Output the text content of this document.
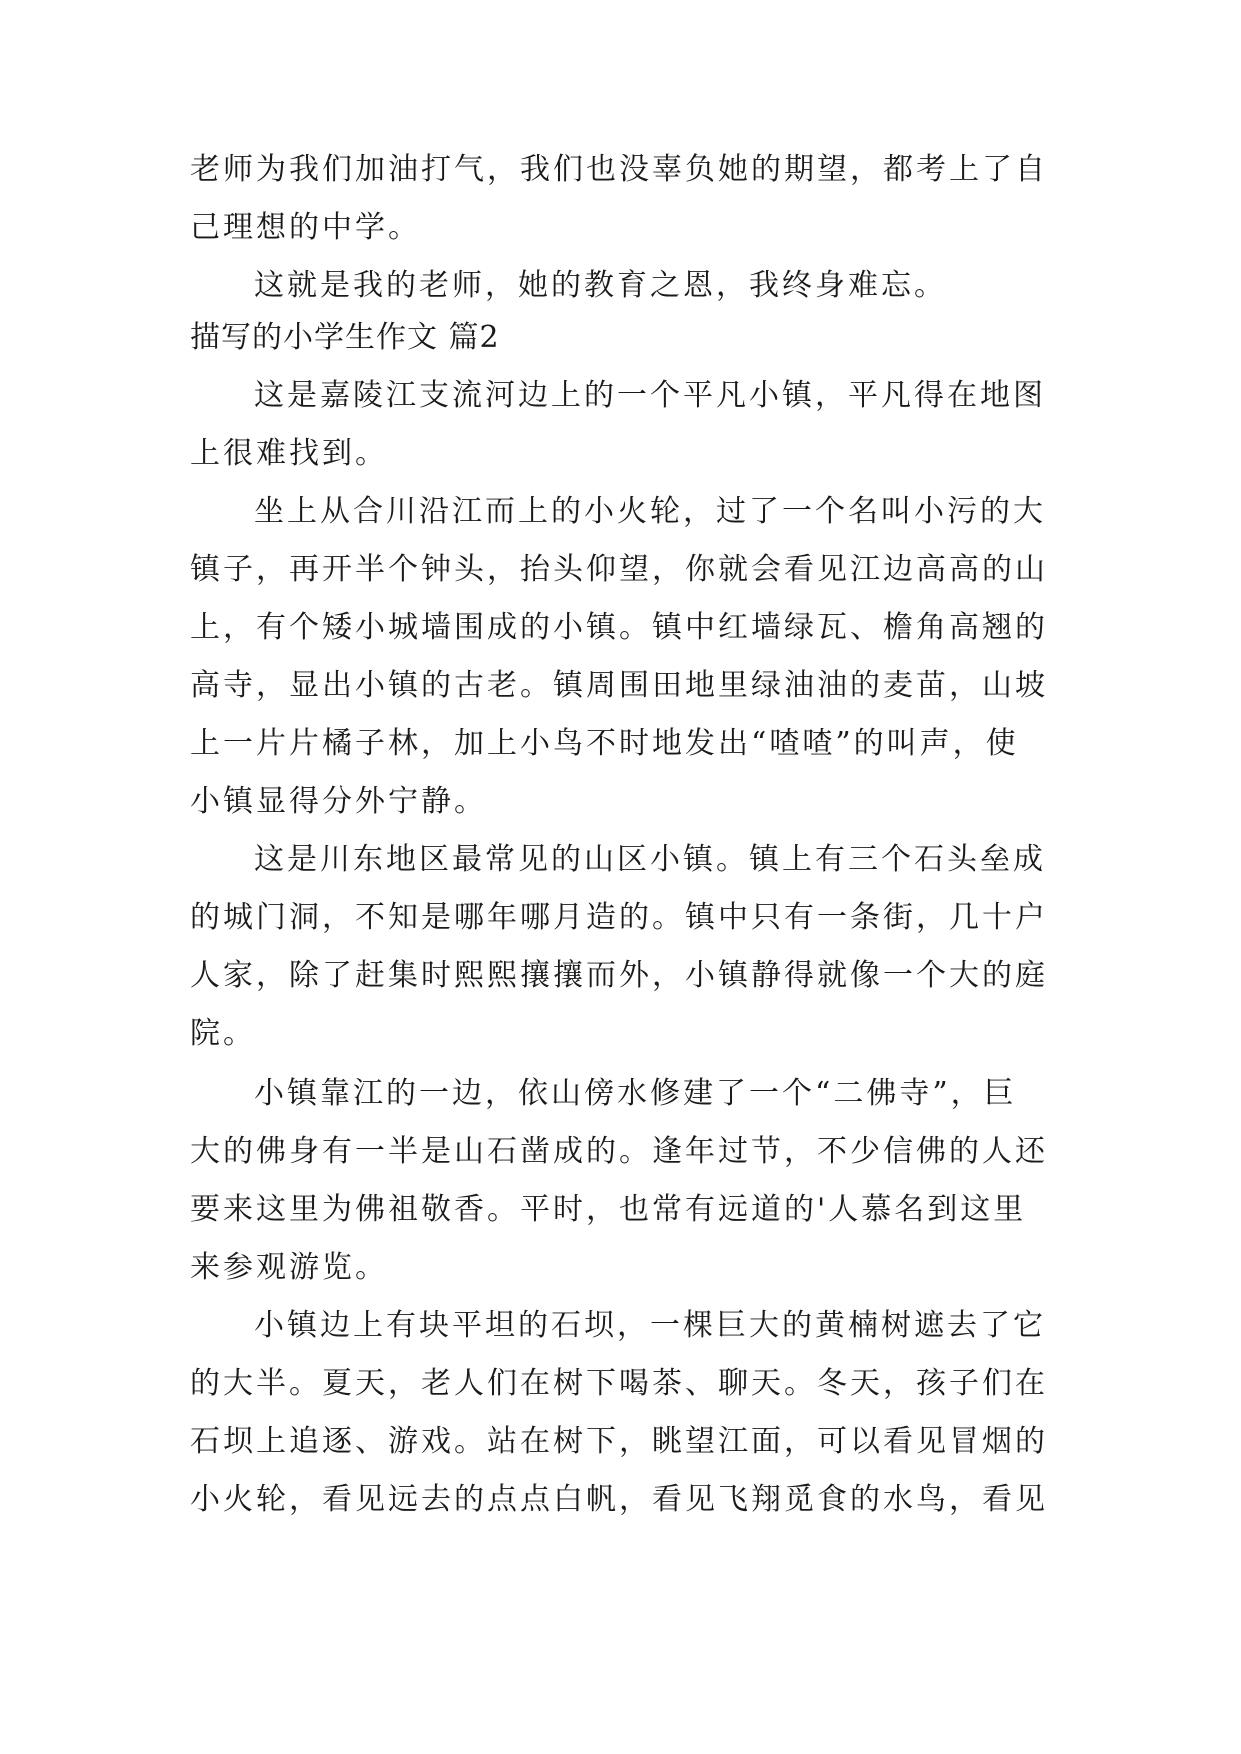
老师为我们加油打气，我们也没辜负她的期望，都考上了自
己理想的中学。
这就是我的老师，她的教育之恩，我终身难忘。
描写的小学生作文 篇2
这是嘉陵江支流河边上的一个平凡小镇，平凡得在地图
上很难找到。
坐上从合川沿江而上的小火轮，过了一个名叫小污的大
镇子，再开半个钟头，抬头仰望，你就会看见江边高高的山
上，有个矮小城墙围成的小镇。镇中红墙绿瓦、檐角高翘的
高寺，显出小镇的古老。镇周围田地里绿油油的麦苗，山坡
上一片片橘子林，加上小鸟不时地发出“喳喳”的叫声，使
小镇显得分外宁静。
这是川东地区最常见的山区小镇。镇上有三个石头垒成
的城门洞，不知是哪年哪月造的。镇中只有一条街，几十户
人家，除了赶集时熙熙攘攘而外，小镇静得就像一个大的庭
院。
小镇靠江的一边，依山傍水修建了一个“二佛寺”，巨
大的佛身有一半是山石凿成的。逢年过节，不少信佛的人还
要来这里为佛祖敬香。平时，也常有远道的'人慕名到这里
来参观游览。
小镇边上有块平坦的石坝，一棵巨大的黄楠树遮去了它
的大半。夏天，老人们在树下喝茶、聊天。冬天，孩子们在
石坝上追逐、游戏。站在树下，眺望江面，可以看见冒烟的
小火轮，看见远去的点点白帆，看见飞翔觅食的水鸟，看见
